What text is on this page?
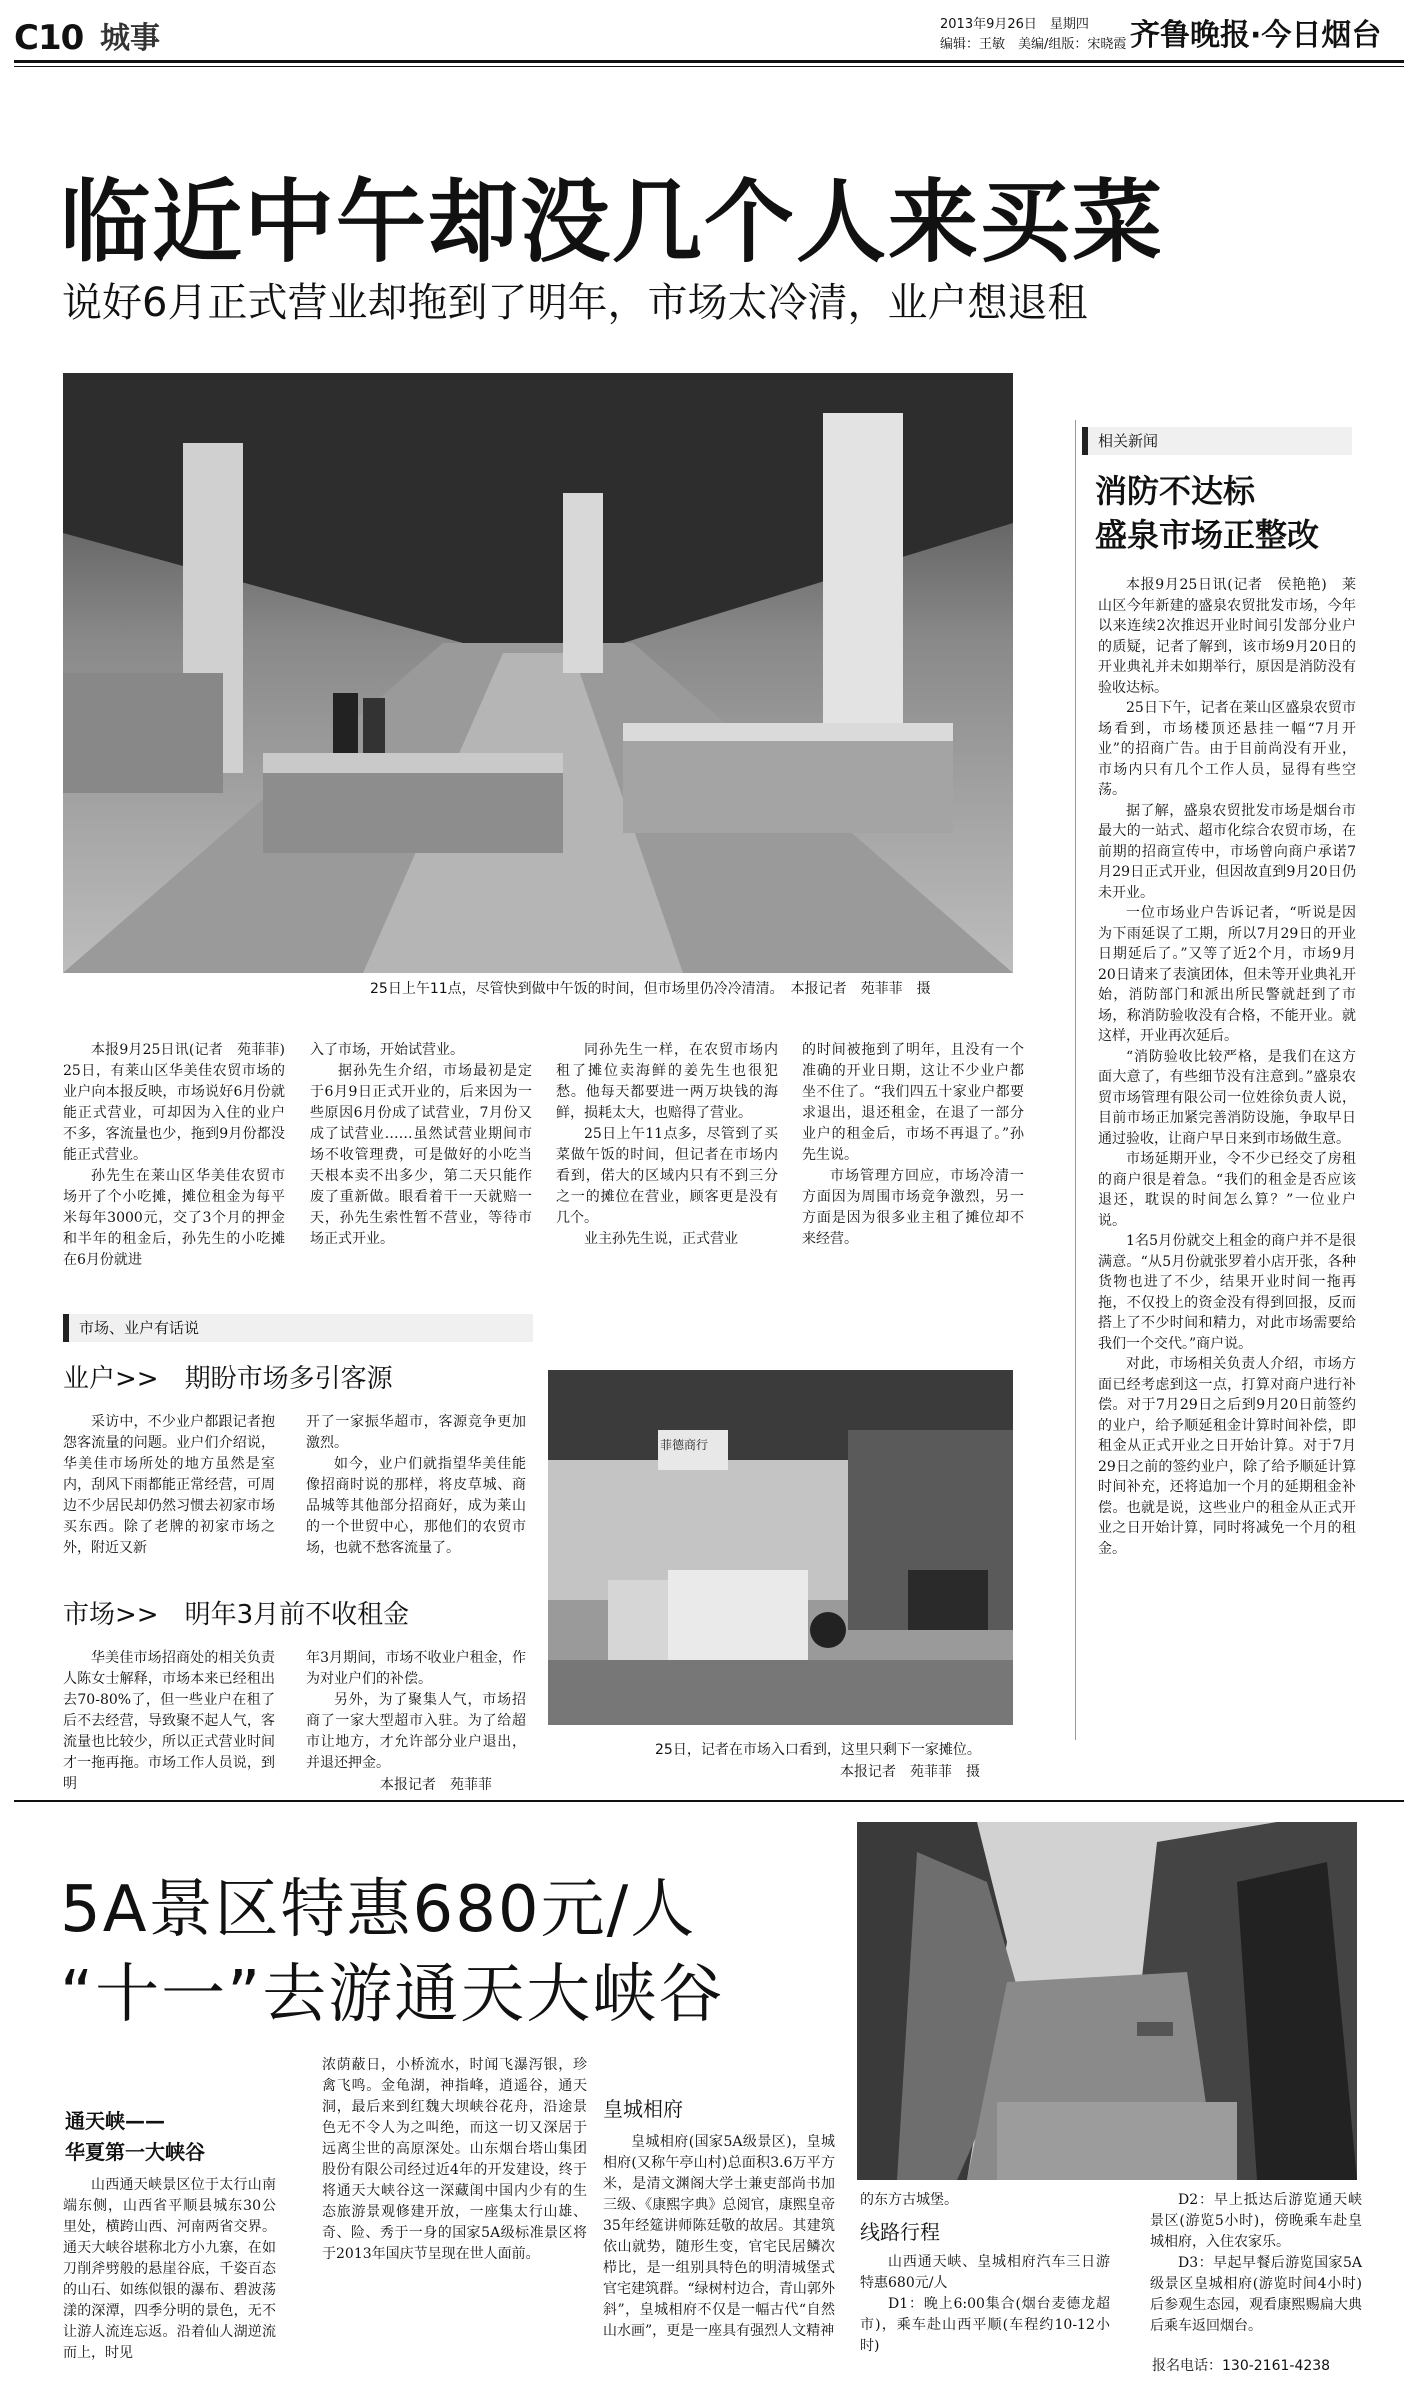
C10 城事	2013年9月26日　星期四
编辑：王敏　美编/组版：宋晓霞 齐鲁晚报·今日烟台
临近中午却没几个人来买菜
说好6月正式营业却拖到了明年，市场太冷清，业户想退租
25日上午11点，尽管快到做中午饭的时间，但市场里仍冷冷清清。　本报记者　苑菲菲　摄

本报9月25日讯(记者　苑菲菲)　25日，有莱山区华美佳农贸市场的业户向本报反映，市场说好6月份就能正式营业，可却因为入住的业户不多，客流量也少，拖到9月份都没能正式营业。

孙先生在莱山区华美佳农贸市场开了个小吃摊，摊位租金为每平米每年3000元，交了3个月的押金和半年的租金后，孙先生的小吃摊在6月份就进

入了市场，开始试营业。

据孙先生介绍，市场最初是定于6月9日正式开业的，后来因为一些原因6月份成了试营业，7月份又成了试营业……虽然试营业期间市场不收管理费，可是做好的小吃当天根本卖不出多少，第二天只能作废了重新做。眼看着干一天就赔一天，孙先生索性暂不营业，等待市场正式开业。

同孙先生一样，在农贸市场内租了摊位卖海鲜的姜先生也很犯愁。他每天都要进一两万块钱的海鲜，损耗太大，也赔得了营业。

25日上午11点多，尽管到了买菜做午饭的时间，但记者在市场内看到，偌大的区域内只有不到三分之一的摊位在营业，顾客更是没有几个。

业主孙先生说，正式营业

的时间被拖到了明年，且没有一个准确的开业日期，这让不少业户都坐不住了。“我们四五十家业户都要求退出，退还租金，在退了一部分业户的租金后，市场不再退了。”孙先生说。

市场管理方回应，市场冷清一方面因为周围市场竞争激烈，另一方面是因为很多业主租了摊位却不来经营。

相关新闻
消防不达标
盛泉市场正整改

本报9月25日讯(记者　侯艳艳)　莱山区今年新建的盛泉农贸批发市场，今年以来连续2次推迟开业时间引发部分业户的质疑，记者了解到，该市场9月20日的开业典礼并未如期举行，原因是消防没有验收达标。

25日下午，记者在莱山区盛泉农贸市场看到，市场楼顶还悬挂一幅“7月开业”的招商广告。由于目前尚没有开业，市场内只有几个工作人员，显得有些空荡。

据了解，盛泉农贸批发市场是烟台市最大的一站式、超市化综合农贸市场，在前期的招商宣传中，市场曾向商户承诺7月29日正式开业，但因故直到9月20日仍未开业。

一位市场业户告诉记者，“听说是因为下雨延误了工期，所以7月29日的开业日期延后了。”又等了近2个月，市场9月20日请来了表演团体，但未等开业典礼开始，消防部门和派出所民警就赶到了市场，称消防验收没有合格，不能开业。就这样，开业再次延后。

“消防验收比较严格，是我们在这方面大意了，有些细节没有注意到。”盛泉农贸市场管理有限公司一位姓徐负责人说，目前市场正加紧完善消防设施，争取早日通过验收，让商户早日来到市场做生意。

市场延期开业，令不少已经交了房租的商户很是着急。“我们的租金是否应该退还，耽误的时间怎么算？”一位业户说。

1名5月份就交上租金的商户并不是很满意。“从5月份就张罗着小店开张，各种货物也进了不少，结果开业时间一拖再拖，不仅投上的资金没有得到回报，反而搭上了不少时间和精力，对此市场需要给我们一个交代。”商户说。

对此，市场相关负责人介绍，市场方面已经考虑到这一点，打算对商户进行补偿。对于7月29日之后到9月20日前签约的业户，给予顺延租金计算时间补偿，即租金从正式开业之日开始计算。对于7月29日之前的签约业户，除了给予顺延计算时间补充，还将追加一个月的延期租金补偿。也就是说，这些业户的租金从正式开业之日开始计算，同时将减免一个月的租金。

市场、业户有话说
业户>>　期盼市场多引客源

采访中，不少业户都跟记者抱怨客流量的问题。业户们介绍说，华美佳市场所处的地方虽然是室内，刮风下雨都能正常经营，可周边不少居民却仍然习惯去初家市场买东西。除了老牌的初家市场之外，附近又新

开了一家振华超市，客源竞争更加激烈。

如今，业户们就指望华美佳能像招商时说的那样，将皮草城、商品城等其他部分招商好，成为莱山的一个世贸中心，那他们的农贸市场，也就不愁客流量了。

市场>>　明年3月前不收租金

华美佳市场招商处的相关负责人陈女士解释，市场本来已经租出去70-80%了，但一些业户在租了后不去经营，导致聚不起人气，客流量也比较少，所以正式营业时间才一拖再拖。市场工作人员说，到明

年3月期间，市场不收业户租金，作为对业户们的补偿。

另外，为了聚集人气，市场招商了一家大型超市入驻。为了给超市让地方，才允许部分业户退出，并退还押金。

本报记者　苑菲菲
菲德商行
25日，记者在市场入口看到，这里只剩下一家摊位。
本报记者　苑菲菲　摄
5A景区特惠680元/人
“十一”去游通天大峡谷
通天峡——
华夏第一大峡谷

山西通天峡景区位于太行山南端东侧，山西省平顺县城东30公里处，横跨山西、河南两省交界。通天大峡谷堪称北方小九寨，在如刀削斧劈般的悬崖谷底，千姿百态的山石、如练似银的瀑布、碧波荡漾的深潭，四季分明的景色，无不让游人流连忘返。沿着仙人湖逆流而上，时见

浓荫蔽日，小桥流水，时闻飞瀑泻银，珍禽飞鸣。金龟湖，神指峰，逍遥谷，通天洞，最后来到红魏大坝峡谷花舟，沿途景色无不令人为之叫绝，而这一切又深居于远离尘世的高原深处。山东烟台塔山集团股份有限公司经过近4年的开发建设，终于将通天大峡谷这一深藏闺中国内少有的生态旅游景观修建开放，一座集太行山雄、奇、险、秀于一身的国家5A级标准景区将于2013年国庆节呈现在世人面前。

皇城相府

皇城相府(国家5A级景区)，皇城相府(又称午亭山村)总面积3.6万平方米，是清文渊阁大学士兼吏部尚书加三级、《康熙字典》总阅官，康熙皇帝35年经筵讲师陈廷敬的故居。其建筑依山就势，随形生变，官宅民居鳞次栉比，是一组别具特色的明清城堡式官宅建筑群。“绿树村边合，青山郭外斜”，皇城相府不仅是一幅古代“自然山水画”，更是一座具有强烈人文精神

的东方古城堡。

线路行程

山西通天峡、皇城相府汽车三日游特惠680元/人

D1：晚上6:00集合(烟台麦德龙超市)，乘车赴山西平顺(车程约10-12小时)

D2：早上抵达后游览通天峡景区(游览5小时)，傍晚乘车赴皇城相府，入住农家乐。

D3：早起早餐后游览国家5A级景区皇城相府(游览时间4小时)后参观生态园，观看康熙赐扁大典后乘车返回烟台。

报名电话：130-2161-4238
